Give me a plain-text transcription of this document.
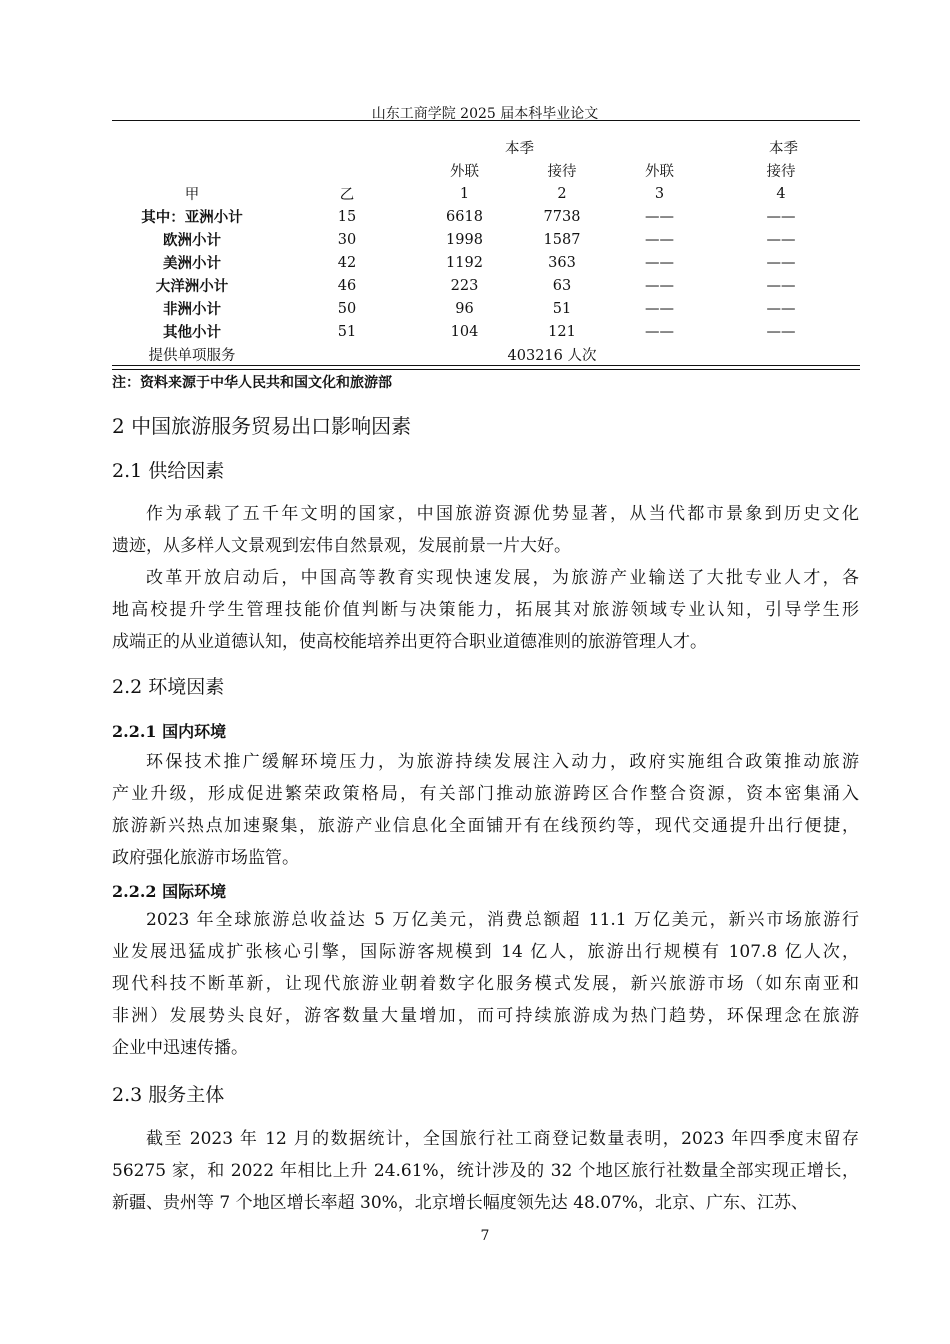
山东工商学院 2025 届本科毕业论文
		本季		本季	
		外联	接待	外联	接待
甲	乙	1	2	3	4
其中：亚洲小计	15	6618	7738	——	——
欧洲小计	30	1998	1587	——	——
美洲小计	42	1192	363	——	——
大洋洲小计	46	223	63	——	——
非洲小计	50	96	51	——	——
其他小计	51	104	121	——	——
提供单项服务	403216 人次				
注：资料来源于中华人民共和国文化和旅游部
2 中国旅游服务贸易出口影响因素
2.1 供给因素
作为承载了五千年文明的国家，中国旅游资源优势显著，从当代都市景象到历史文化
遗迹，从多样人文景观到宏伟自然景观，发展前景一片大好。
改革开放启动后，中国高等教育实现快速发展，为旅游产业输送了大批专业人才，各
地高校提升学生管理技能价值判断与决策能力，拓展其对旅游领域专业认知，引导学生形
成端正的从业道德认知，使高校能培养出更符合职业道德准则的旅游管理人才。
2.2 环境因素
2.2.1 国内环境
环保技术推广缓解环境压力，为旅游持续发展注入动力，政府实施组合政策推动旅游
产业升级，形成促进繁荣政策格局，有关部门推动旅游跨区合作整合资源，资本密集涌入
旅游新兴热点加速聚集，旅游产业信息化全面铺开有在线预约等，现代交通提升出行便捷，
政府强化旅游市场监管。
2.2.2 国际环境
2023 年全球旅游总收益达 5 万亿美元，消费总额超 11.1 万亿美元，新兴市场旅游行
业发展迅猛成扩张核心引擎，国际游客规模到 14 亿人，旅游出行规模有 107.8 亿人次，
现代科技不断革新，让现代旅游业朝着数字化服务模式发展，新兴旅游市场（如东南亚和
非洲）发展势头良好，游客数量大量增加，而可持续旅游成为热门趋势，环保理念在旅游
企业中迅速传播。
2.3 服务主体
截至 2023 年 12 月的数据统计，全国旅行社工商登记数量表明，2023 年四季度末留存
56275 家，和 2022 年相比上升 24.61%，统计涉及的 32 个地区旅行社数量全部实现正增长，
新疆、贵州等 7 个地区增长率超 30%，北京增长幅度领先达 48.07%，北京、广东、江苏、
7
